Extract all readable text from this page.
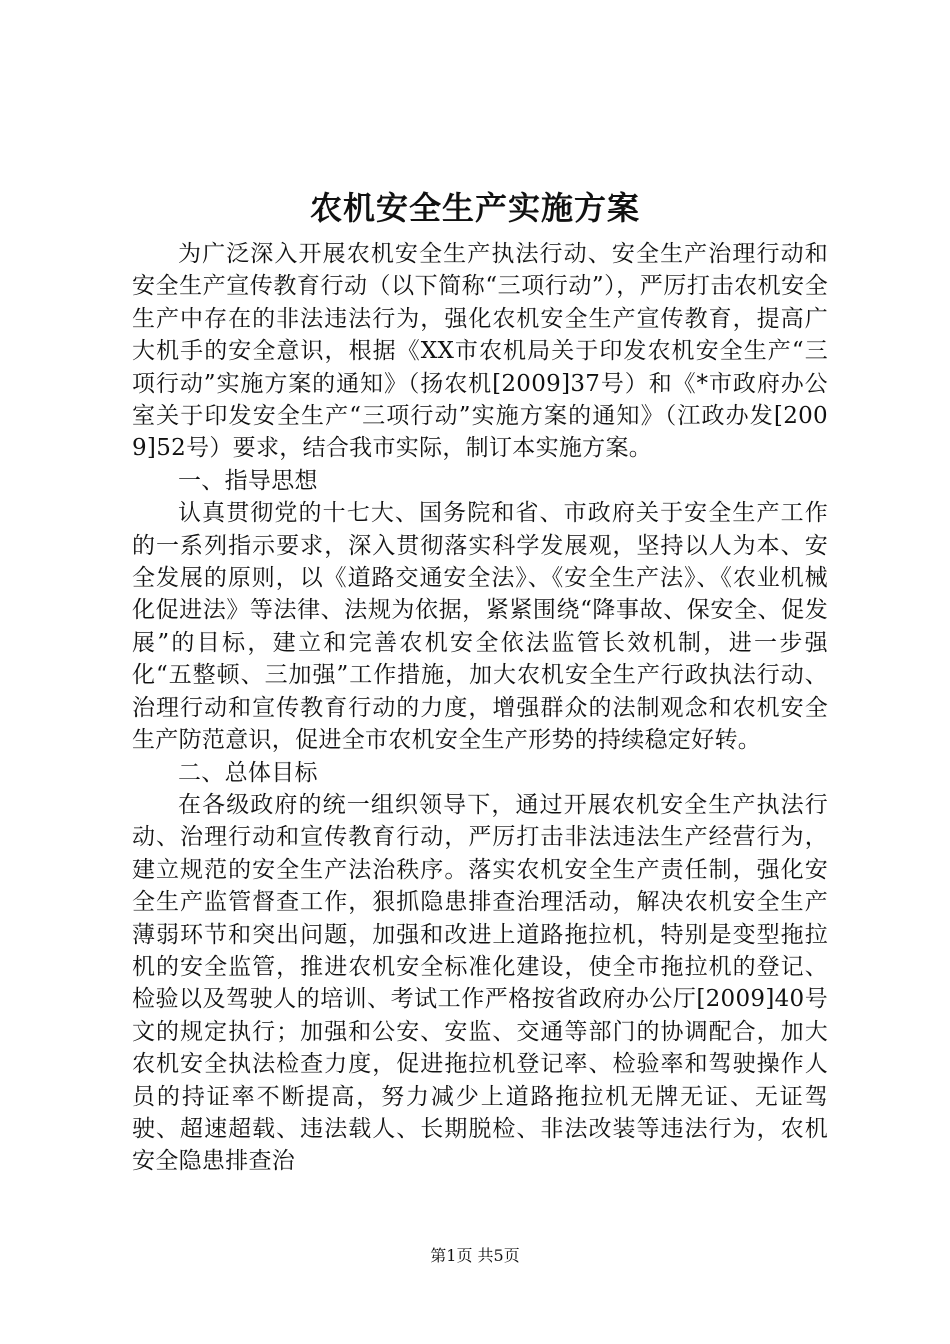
农机安全生产实施方案

为广泛深入开展农机安全生产执法行动、安全生产治理行动和安全生产宣传教育行动（以下简称“三项行动”），严厉打击农机安全生产中存在的非法违法行为，强化农机安全生产宣传教育，提高广大机手的安全意识，根据《XX市农机局关于印发农机安全生产“三项行动”实施方案的通知》（扬农机[2009]37号）和《*市政府办公室关于印发安全生产“三项行动”实施方案的通知》（江政办发[2009]52号）要求，结合我市实际，制订本实施方案。

一、指导思想

认真贯彻党的十七大、国务院和省、市政府关于安全生产工作的一系列指示要求，深入贯彻落实科学发展观，坚持以人为本、安全发展的原则，以《道路交通安全法》、《安全生产法》、《农业机械化促进法》等法律、法规为依据，紧紧围绕“降事故、保安全、促发展”的目标，建立和完善农机安全依法监管长效机制，进一步强化“五整顿、三加强”工作措施，加大农机安全生产行政执法行动、治理行动和宣传教育行动的力度，增强群众的法制观念和农机安全生产防范意识，促进全市农机安全生产形势的持续稳定好转。

二、总体目标

在各级政府的统一组织领导下，通过开展农机安全生产执法行动、治理行动和宣传教育行动，严厉打击非法违法生产经营行为，建立规范的安全生产法治秩序。落实农机安全生产责任制，强化安全生产监管督查工作，狠抓隐患排查治理活动，解决农机安全生产薄弱环节和突出问题，加强和改进上道路拖拉机，特别是变型拖拉机的安全监管，推进农机安全标准化建设，使全市拖拉机的登记、检验以及驾驶人的培训、考试工作严格按省政府办公厅[2009]40号文的规定执行；加强和公安、安监、交通等部门的协调配合，加大农机安全执法检查力度，促进拖拉机登记率、检验率和驾驶操作人员的持证率不断提高，努力减少上道路拖拉机无牌无证、无证驾驶、超速超载、违法载人、长期脱检、非法改装等违法行为，农机安全隐患排查治

第1页 共5页
